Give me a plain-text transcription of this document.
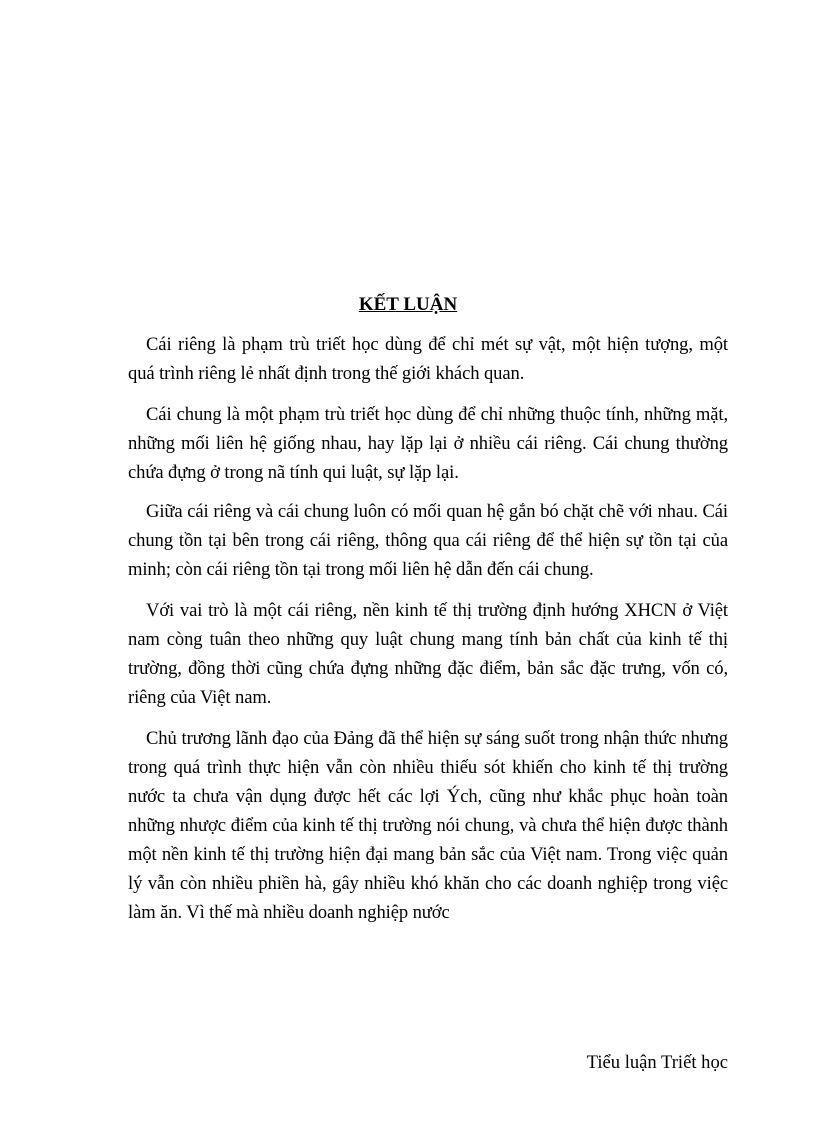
KẾT LUẬN

Cái riêng là phạm trù triết học dùng để chỉ mét sự vật, một hiện tượng, một quá trình riêng lẻ nhất định trong thế giới khách quan.

Cái chung là một phạm trù triết học dùng để chỉ những thuộc tính, những mặt, những mối liên hệ giống nhau, hay lặp lại ở nhiều cái riêng. Cái chung thường chứa đựng ở trong nã tính qui luật, sự lặp lại.

Giữa cái riêng và cái chung luôn có mối quan hệ gắn bó chặt chẽ với nhau. Cái chung tồn tại bên trong cái riêng, thông qua cái riêng để thể hiện sự tồn tại của minh; còn cái riêng tồn tại trong mối liên hệ dẫn đến cái chung.

Với vai trò là một cái riêng, nền kinh tế thị trường định hướng XHCN ở Việt nam còng tuân theo những quy luật chung mang tính bản chất của kinh tế thị trường, đồng thời cũng chứa đựng những đặc điểm, bản sắc đặc trưng, vốn có, riêng của Việt nam.

Chủ trương lãnh đạo của Đảng đã thể hiện sự sáng suốt trong nhận thức nhưng trong quá trình thực hiện vẫn còn nhiều thiếu sót khiến cho kinh tế thị trường nước ta chưa vận dụng được hết các lợi Ých, cũng như khắc phục hoàn toàn những nhược điểm của kinh tế thị trường nói chung, và chưa thể hiện được thành một nền kinh tế thị trường hiện đại mang bản sắc của Việt nam. Trong việc quản lý vẫn còn nhiều phiền hà, gây nhiều khó khăn cho các doanh nghiệp trong việc làm ăn. Vì thế mà nhiều doanh nghiệp nước

Tiểu luận Triết học
